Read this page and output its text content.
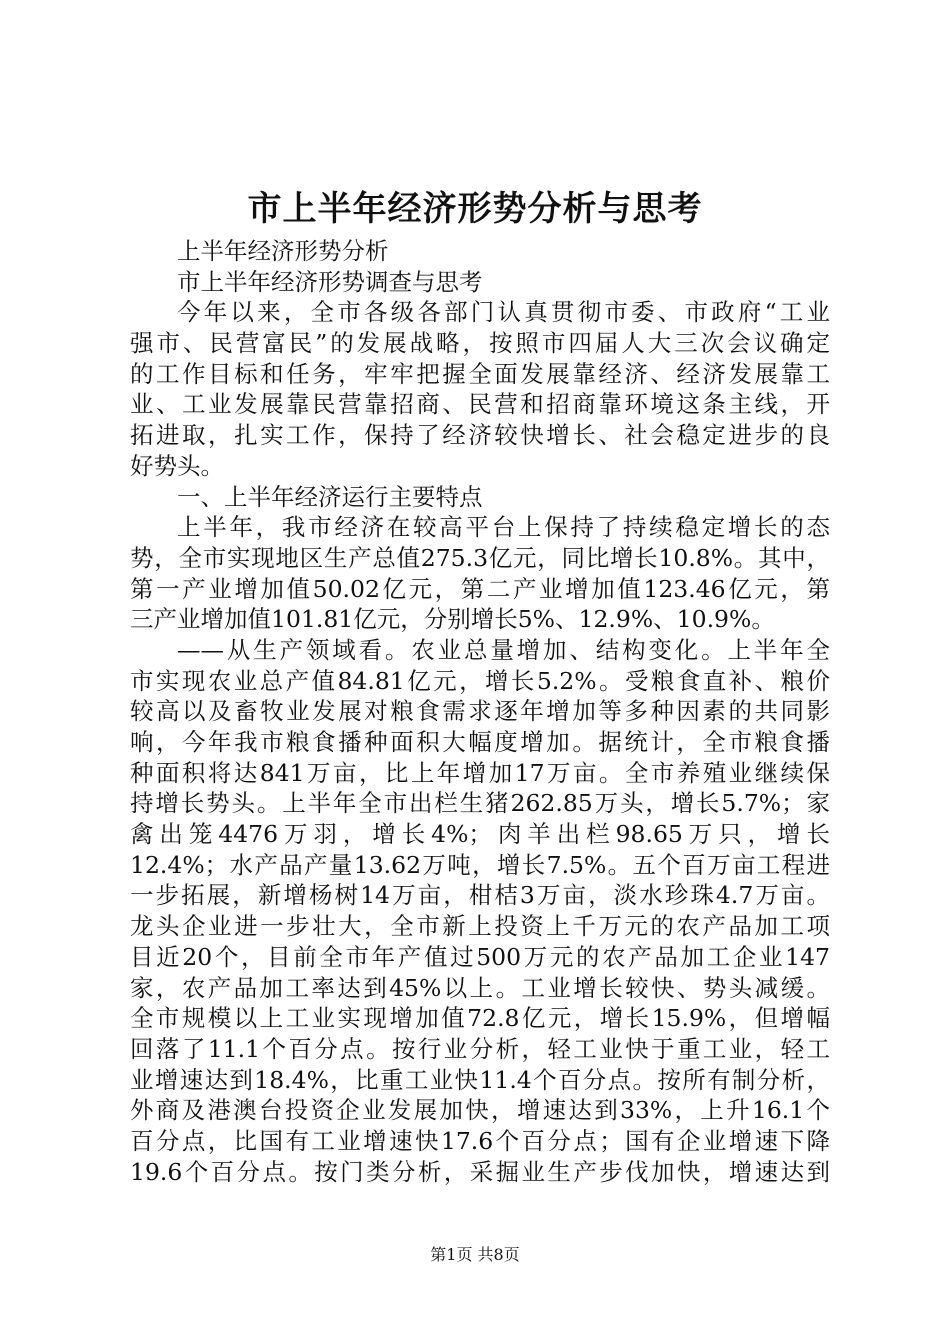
市上半年经济形势分析与思考
上半年经济形势分析
市上半年经济形势调查与思考
今年以来，全市各级各部门认真贯彻市委、市政府“工业
强市、民营富民”的发展战略，按照市四届人大三次会议确定
的工作目标和任务，牢牢把握全面发展靠经济、经济发展靠工
业、工业发展靠民营靠招商、民营和招商靠环境这条主线，开
拓进取，扎实工作，保持了经济较快增长、社会稳定进步的良
好势头。
一、上半年经济运行主要特点
上半年，我市经济在较高平台上保持了持续稳定增长的态
势，全市实现地区生产总值275.3亿元，同比增长10.8%。其中，
第一产业增加值50.02亿元，第二产业增加值123.46亿元，第
三产业增加值101.81亿元，分别增长5%、12.9%、10.9%。
——从生产领域看。农业总量增加、结构变化。上半年全
市实现农业总产值84.81亿元，增长5.2%。受粮食直补、粮价
较高以及畜牧业发展对粮食需求逐年增加等多种因素的共同影
响，今年我市粮食播种面积大幅度增加。据统计，全市粮食播
种面积将达841万亩，比上年增加17万亩。全市养殖业继续保
持增长势头。上半年全市出栏生猪262.85万头，增长5.7%；家
禽出笼4476万羽，增长4%；肉羊出栏98.65万只，增长
12.4%；水产品产量13.62万吨，增长7.5%。五个百万亩工程进
一步拓展，新增杨树14万亩，柑桔3万亩，淡水珍珠4.7万亩。
龙头企业进一步壮大，全市新上投资上千万元的农产品加工项
目近20个，目前全市年产值过500万元的农产品加工企业147
家，农产品加工率达到45%以上。工业增长较快、势头减缓。
全市规模以上工业实现增加值72.8亿元，增长15.9%，但增幅
回落了11.1个百分点。按行业分析，轻工业快于重工业，轻工
业增速达到18.4%，比重工业快11.4个百分点。按所有制分析，
外商及港澳台投资企业发展加快，增速达到33%，上升16.1个
百分点，比国有工业增速快17.6个百分点；国有企业增速下降
19.6个百分点。按门类分析，采掘业生产步伐加快，增速达到
第1页 共8页
